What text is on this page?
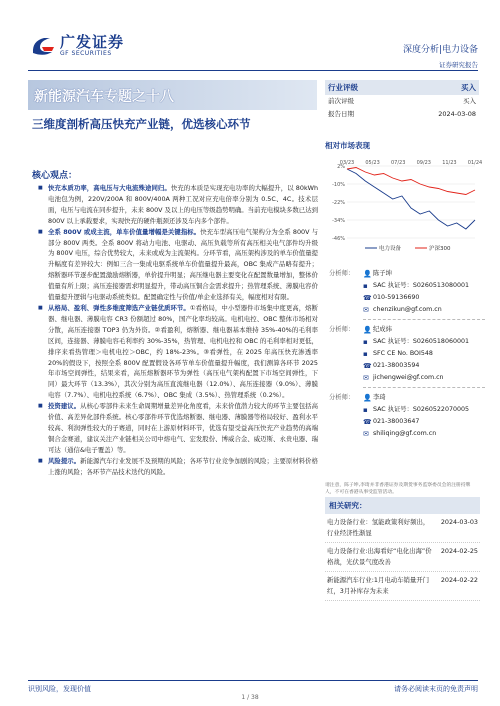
广发证券
GF SECURITIES	深度分析|电力设备
证券研究报告
新能源汽车专题之十八
三维度剖析高压快充产业链，优选核心环节
行业评级	买入
前次评级	买入
报告日期	2024-03-08
核心观点：

■ 快充本质功率，高电压与大电流殊途同归。快充的本质是实现充电功率的大幅提升，以 80kWh 电池包为例，220V/200A 和 800V/400A 两种工况对应充电倍率分别为 0.5C、4C。技术层面，电压与电流在同步提升，未来 800V 及以上的电压等级趋势明确。当前充电模块多数已达到 800V 以上承载要求，实现快充的硬件瓶颈还涉及车内多个部件。

■ 全系 800V 或成主流，单车价值量增幅是关键指标。快充车型高压电气架构分为全系 800V 与部分 800V 两类。全系 800V 将动力电池、电驱动、高压负载等所有高压相关电气部件均升级为 800V 电压，综合优势较大，未来或成为主流架构。分环节看，高压架构涉及的单车价值量提升幅度有差异较大：例如三合一集成电驱系统单车价值量提升最高，OBC 集成产品略有提升；熔断器环节逐步配置激励熔断器，单价提升明显；高压继电器主要变化在配置数量增加，整体价值量有所上限；高压连接器需求明显提升，带动高压铜合金需求提升；热管理系统、薄膜电容价值量提升逻辑与电驱动系统类似。配置确定性与价值/单企业选择有关，幅度相对有限。

■ 从格局、盈利、弹性多维度筛选产业链优质环节。①看格局，中小型器件市场集中度更高，熔断器、继电器、薄膜电容 CR3 份额超过 80%，国产化率均较高。电机电控、OBC 整体市场相对分散，高压连接器 TOP3 仍为外资。②看盈利，熔断器、继电器基本维持 35%-40%的毛利率区间，连接器、薄膜电容毛利率约 30%-35%，热管理、电机电控和 OBC 的毛利率相对更低，排序来看热管理＞电机电控＞OBC，约 18%-23%。③看弹性，在 2025 年高压快充渗透率 20%的假设下，按照全系 800V 配置假设各环节单车价值量提升幅度，我们测算各环节 2025 年市场空间弹性，结果来看，高压熔断器环节为弹性（高压电气架构配置下市场空间弹性，下同）最大环节（13.3%），其次分别为高压直流继电器（12.0%）、高压连接器（9.0%）、薄膜电容（7.7%）、电机电控系统（6.7%）、OBC 集成（3.5%）、热管理系统（0.2%）。

■ 投资建议。从核心零部件未来生命周期增量差异化角度看，未来价值潜力较大的环节主要包括高价值、高差异化部件系统。核心零部件环节优选熔断器、继电器、薄膜器等格局较好、盈利水平较高、利润弹性较大的子赛道，同时在上游原材料环节，优选有望受益高压快充产业趋势的高端铜合金赛道，建议关注产业链相关公司中熔电气、宏发股份、博威合金、威迈斯、永贵电器、瑞可达（通信&电子覆盖）等。

■ 风险提示。新能源汽车行业发展不及预期的风险；各环节行业竞争加剧的风险；主要原材料价格上涨的风险；各环节产品技术迭代的风险。

相对市场表现
2%
-10%
-22%
-34%
-46%
03/23 05/23 07/23 09/23 11/23 01/24
电力设备	沪深300
分析师： 👤 陈子坤
▪ SAC 执证号：S0260513080001
☎ 010-59136690
✉ chenzikun@gf.com.cn
分析师： 👤 纪成炜
▪ SAC 执证号：S0260518060001
▪ SFC CE No. BOI548
☎ 021-38003594
✉ jichengwei@gf.com.cn
分析师： 👤 李琦
▪ SAC 执证号：S0260522070005
☎ 021-38003647
✉ shiliqing@gf.com.cn
请注意，陈子坤,李琦并非香港证券及期货事务监察委员会的注册持牌人，不可在香港从事受监管活动。
相关研究：
电力设备行业：氢能政策利好频出，行业经济性渐显
2024-03-03
电力设备行业:出海看好“电化出海”价格战，光伏景气度改善
2024-02-25
新能源汽车行业:1月电动车销量开门红，3月补库存为未来
2024-02-22
识别风险，发现价值	请务必阅读末页的免责声明
1 / 38
